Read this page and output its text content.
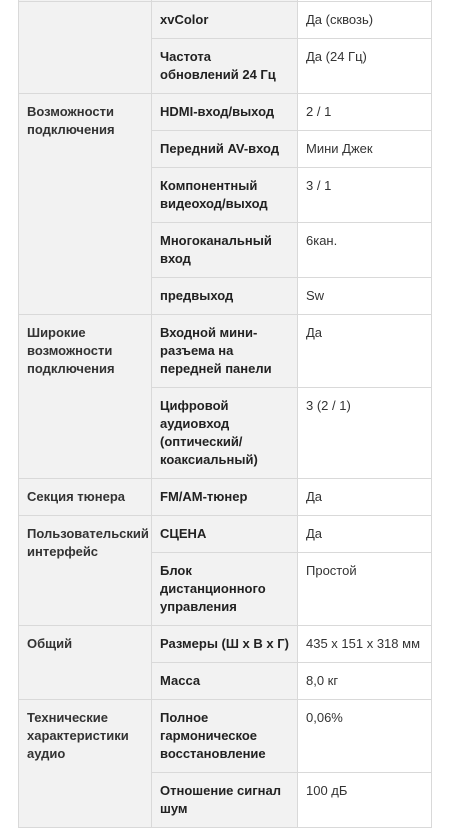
	xvColor	Да (сквозь)
	Частота обновлений 24 Гц	Да (24 Гц)
Возможности подключения	HDMI-вход/выход	2 / 1
	Передний AV-вход	Мини Джек
	Компонентный видеоход/выход	3 / 1
	Многоканальный вход	6кан.
	предвыход	Sw
Широкие возможности подключения	Входной мини-разъема на передней панели	Да
	Цифровой аудиовход (оптический/ коаксиальный)	3 (2 / 1)
Секция тюнера	FM/AM-тюнер	Да
Пользовательский интерфейс	СЦЕНА	Да
	Блок дистанционного управления	Простой
Общий	Размеры (Ш х В х Г)	435 x 151 x 318 мм
	Масса	8,0 кг
Технические характеристики аудио	Полное гармоническое восстановление	0,06%
	Отношение сигнал шум	100 дБ
